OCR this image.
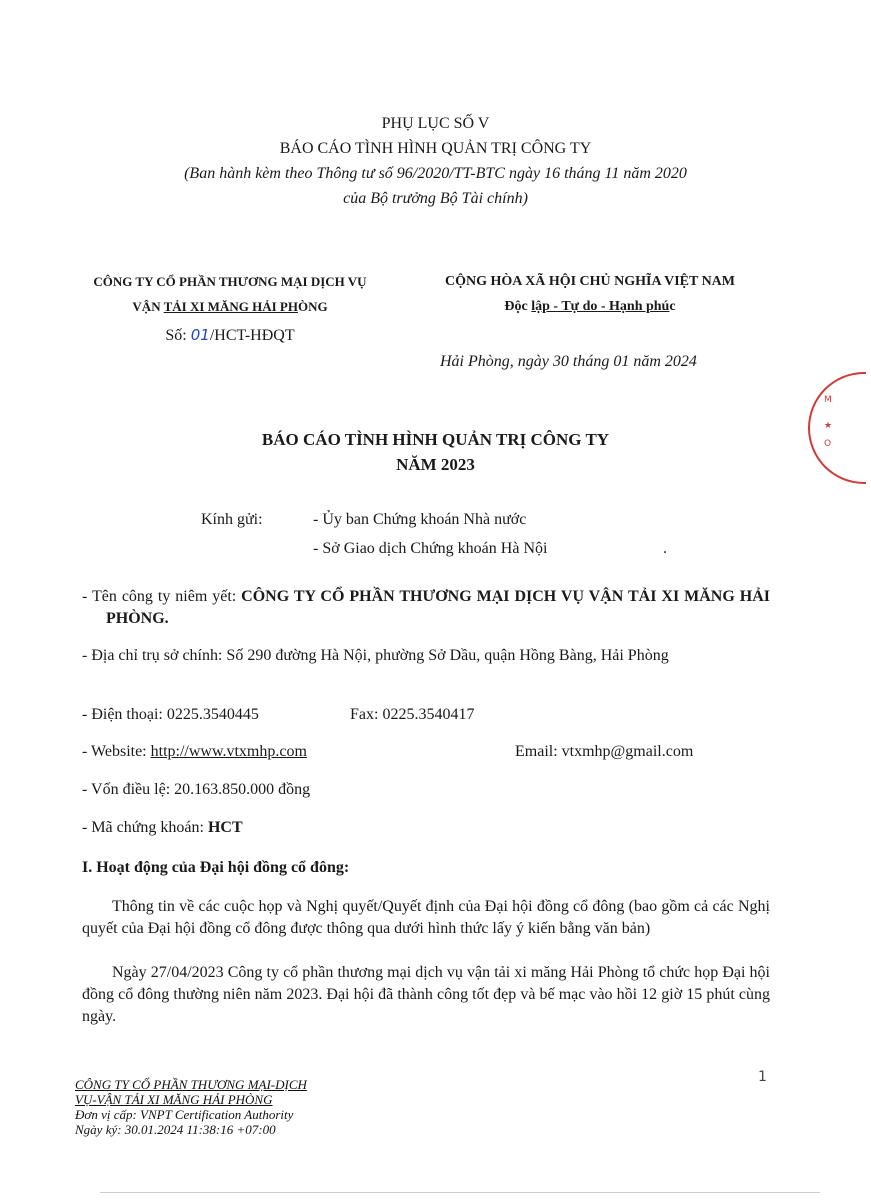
PHỤ LỤC SỐ V
BÁO CÁO TÌNH HÌNH QUẢN TRỊ CÔNG TY
(Ban hành kèm theo Thông tư số 96/2020/TT-BTC ngày 16 tháng 11 năm 2020
của Bộ trưởng Bộ Tài chính)
CÔNG TY CỔ PHẦN THƯƠNG MẠI DỊCH VỤ
VẬN TẢI XI MĂNG HẢI PHÒNG
Số: 01/HCT-HĐQT
CỘNG HÒA XÃ HỘI CHỦ NGHĨA VIỆT NAM
Độc lập - Tự do - Hạnh phúc
Hải Phòng, ngày 30 tháng 01 năm 2024
M
★
O
BÁO CÁO TÌNH HÌNH QUẢN TRỊ CÔNG TY
NĂM 2023
Kính gửi:	- Ủy ban Chứng khoán Nhà nước
- Sở Giao dịch Chứng khoán Hà Nội	.
- Tên công ty niêm yết: CÔNG TY CỔ PHẦN THƯƠNG MẠI DỊCH VỤ VẬN TẢI XI MĂNG HẢI PHÒNG.
- Địa chỉ trụ sở chính: Số 290 đường Hà Nội, phường Sở Dầu, quận Hồng Bàng, Hải Phòng
- Điện thoại: 0225.3540445	Fax: 0225.3540417
- Website: http://www.vtxmhp.com	Email: vtxmhp@gmail.com
- Vốn điều lệ: 20.163.850.000 đồng
- Mã chứng khoán: HCT
I. Hoạt động của Đại hội đồng cổ đông:
Thông tin về các cuộc họp và Nghị quyết/Quyết định của Đại hội đồng cổ đông (bao gồm cả các Nghị quyết của Đại hội đồng cổ đông được thông qua dưới hình thức lấy ý kiến bằng văn bản)
Ngày 27/04/2023 Công ty cổ phần thương mại dịch vụ vận tải xi măng Hải Phòng tổ chức họp Đại hội đồng cổ đông thường niên năm 2023. Đại hội đã thành công tốt đẹp và bế mạc vào hồi 12 giờ 15 phút cùng ngày.
1
CÔNG TY CỔ PHẦN THƯƠNG MẠI-DỊCH
VỤ-VẬN TẢI XI MĂNG HẢI PHÒNG
Đơn vị cấp: VNPT Certification Authority
Ngày ký: 30.01.2024 11:38:16 +07:00
